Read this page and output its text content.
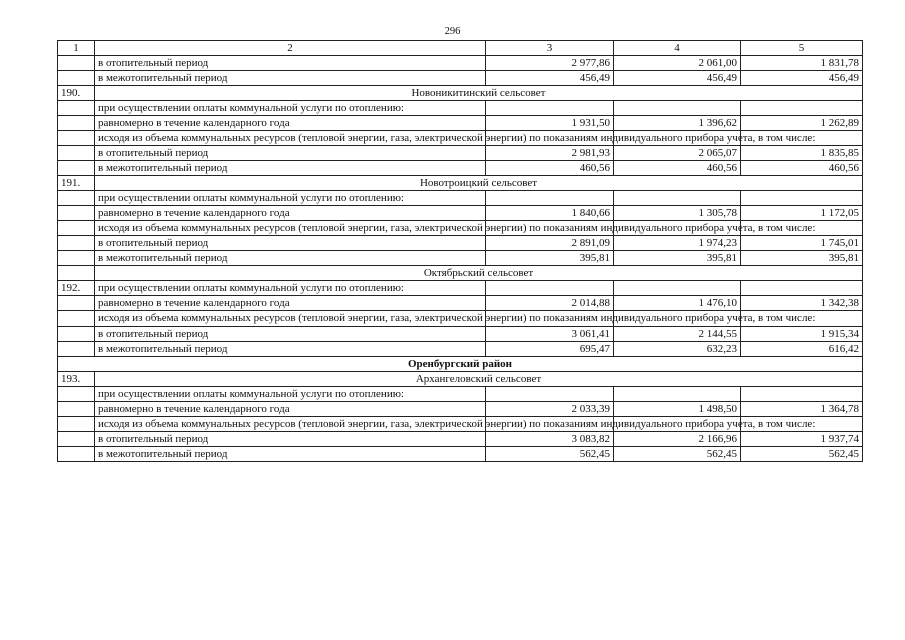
296
1	2	3	4	5
	в отопительный период	2 977,86	2 061,00	1 831,78
	в межотопительный период	456,49	456,49	456,49
190.	Новоникитинский сельсовет			
	при осуществлении оплаты коммунальной услуги по отоплению:			
	равномерно в течение календарного года	1 931,50	1 396,62	1 262,89
	исходя из объема коммунальных ресурсов (тепловой энергии, газа, электрической энергии) по показаниям индивидуального прибора учета, в том числе:			
	в отопительный период	2 981,93	2 065,07	1 835,85
	в межотопительный период	460,56	460,56	460,56
191.	Новотроицкий сельсовет			
	при осуществлении оплаты коммунальной услуги по отоплению:			
	равномерно в течение календарного года	1 840,66	1 305,78	1 172,05
	исходя из объема коммунальных ресурсов (тепловой энергии, газа, электрической энергии) по показаниям индивидуального прибора учета, в том числе:			
	в отопительный период	2 891,09	1 974,23	1 745,01
	в межотопительный период	395,81	395,81	395,81
	Октябрьский сельсовет			
192.	при осуществлении оплаты коммунальной услуги по отоплению:			
	равномерно в течение календарного года	2 014,88	1 476,10	1 342,38
	исходя из объема коммунальных ресурсов (тепловой энергии, газа, электрической энергии) по показаниям индивидуального прибора учета, в том числе:			
	в отопительный период	3 061,41	2 144,55	1 915,34
	в межотопительный период	695,47	632,23	616,42
Оренбургский район				
193.	Архангеловский сельсовет			
	при осуществлении оплаты коммунальной услуги по отоплению:			
	равномерно в течение календарного года	2 033,39	1 498,50	1 364,78
	исходя из объема коммунальных ресурсов (тепловой энергии, газа, электрической энергии) по показаниям индивидуального прибора учета, в том числе:			
	в отопительный период	3 083,82	2 166,96	1 937,74
	в межотопительный период	562,45	562,45	562,45
